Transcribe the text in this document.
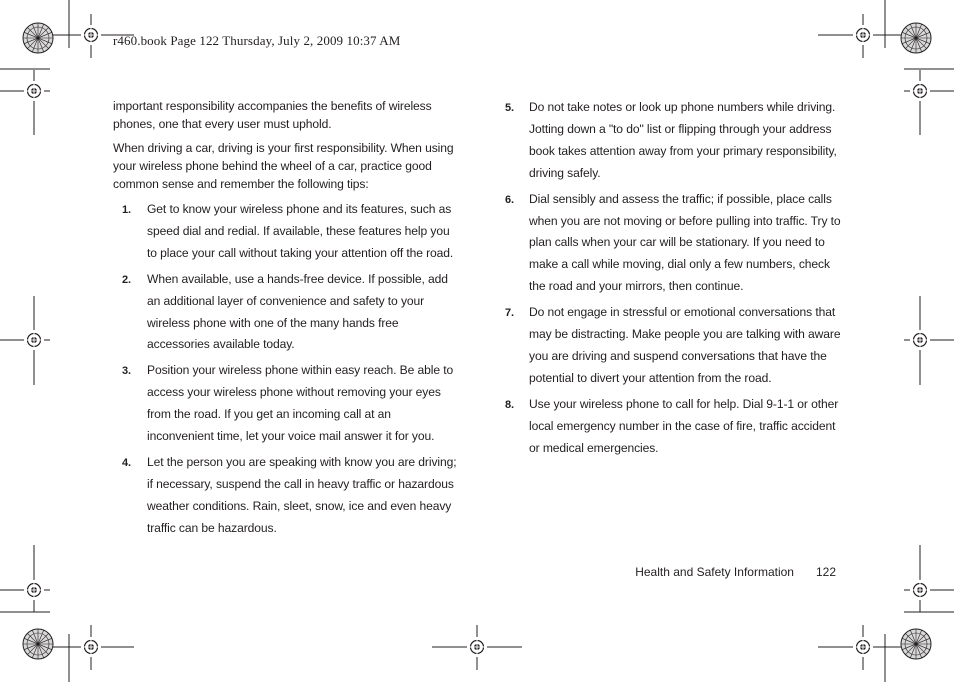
r460.book Page 122 Thursday, July 2, 2009 10:37 AM

important responsibility accompanies the benefits of wireless phones, one that every user must uphold.

When driving a car, driving is your first responsibility. When using your wireless phone behind the wheel of a car, practice good common sense and remember the following tips:

1. Get to know your wireless phone and its features, such as speed dial and redial. If available, these features help you to place your call without taking your attention off the road.
2. When available, use a hands-free device. If possible, add an additional layer of convenience and safety to your wireless phone with one of the many hands free accessories available today.
3. Position your wireless phone within easy reach. Be able to access your wireless phone without removing your eyes from the road. If you get an incoming call at an inconvenient time, let your voice mail answer it for you.
4. Let the person you are speaking with know you are driving; if necessary, suspend the call in heavy traffic or hazardous weather conditions. Rain, sleet, snow, ice and even heavy traffic can be hazardous.
5. Do not take notes or look up phone numbers while driving. Jotting down a "to do" list or flipping through your address book takes attention away from your primary responsibility, driving safely.
6. Dial sensibly and assess the traffic; if possible, place calls when you are not moving or before pulling into traffic. Try to plan calls when your car will be stationary. If you need to make a call while moving, dial only a few numbers, check the road and your mirrors, then continue.
7. Do not engage in stressful or emotional conversations that may be distracting. Make people you are talking with aware you are driving and suspend conversations that have the potential to divert your attention from the road.
8. Use your wireless phone to call for help. Dial 9-1-1 or other local emergency number in the case of fire, traffic accident or medical emergencies.
Health and Safety Information 122
